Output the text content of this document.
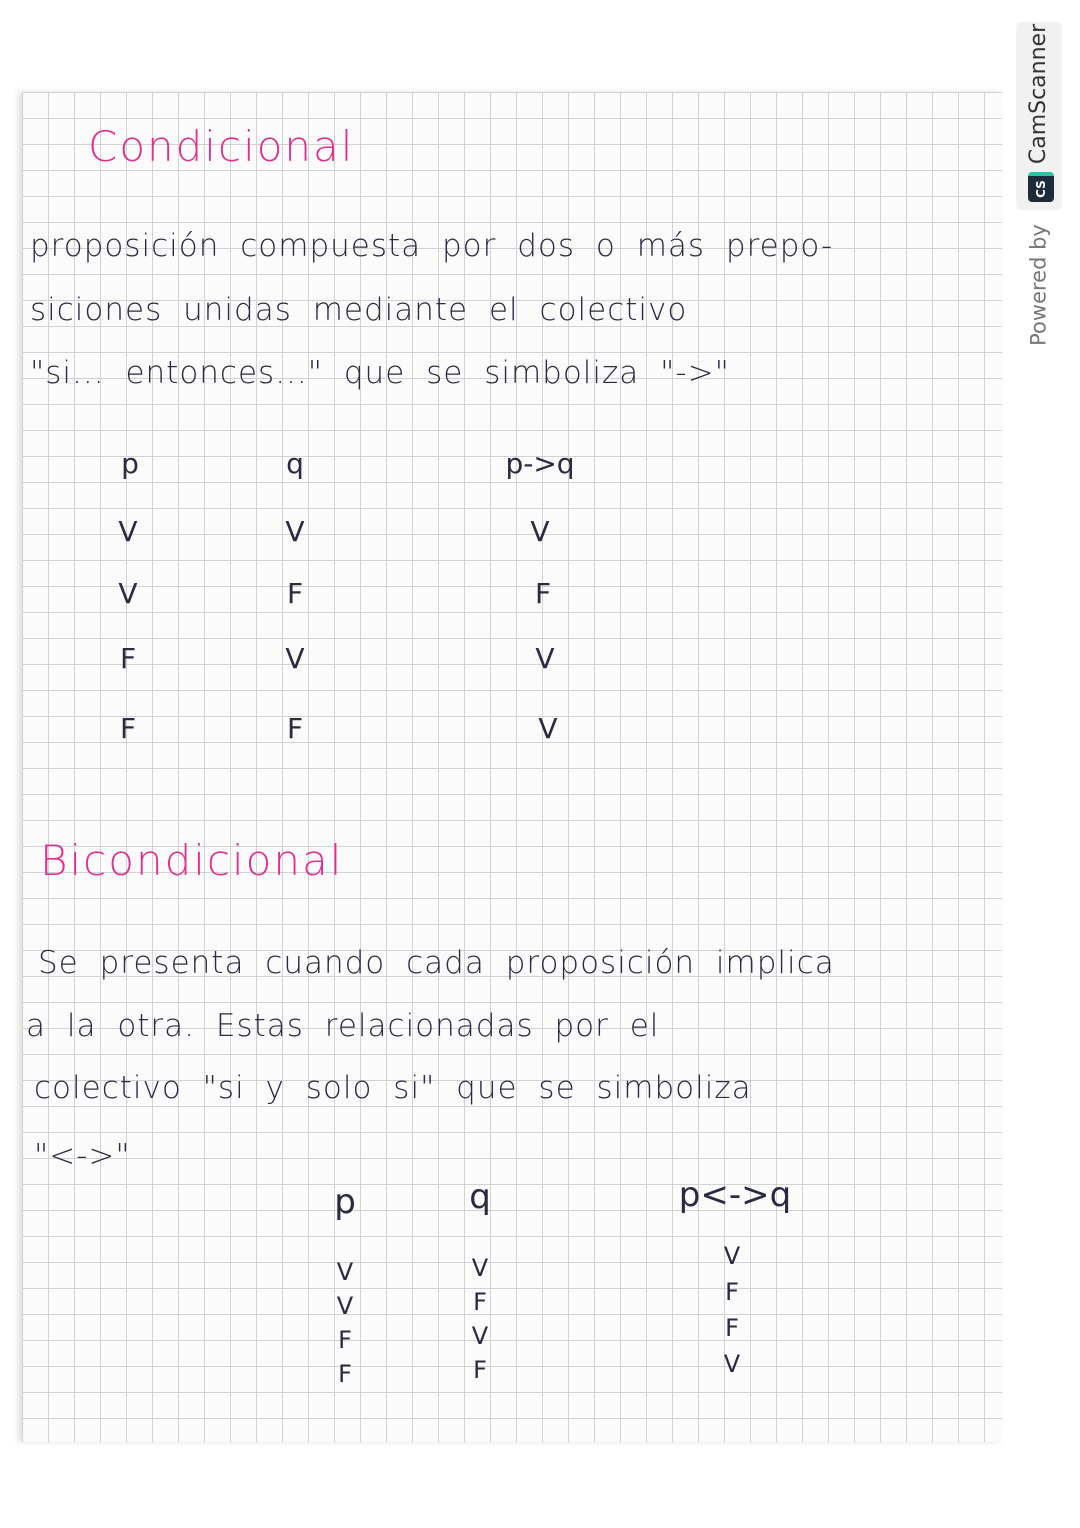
CamScanner
CS
Powered by
Condicional
proposición compuesta por dos o más prepo-
siciones unidas mediante el colectivo
"si... entonces..." que se simboliza "->"
p	q	p->q
V	V	V
V	F	F
F	V	V
F	F	V
Bicondicional
Se presenta cuando cada proposición implica
a la otra. Estas relacionadas por el
colectivo "si y solo si" que se simboliza
"<->"
p	q	p<->q
V	V	V
V	F	F
F	V	F
F	F	V
